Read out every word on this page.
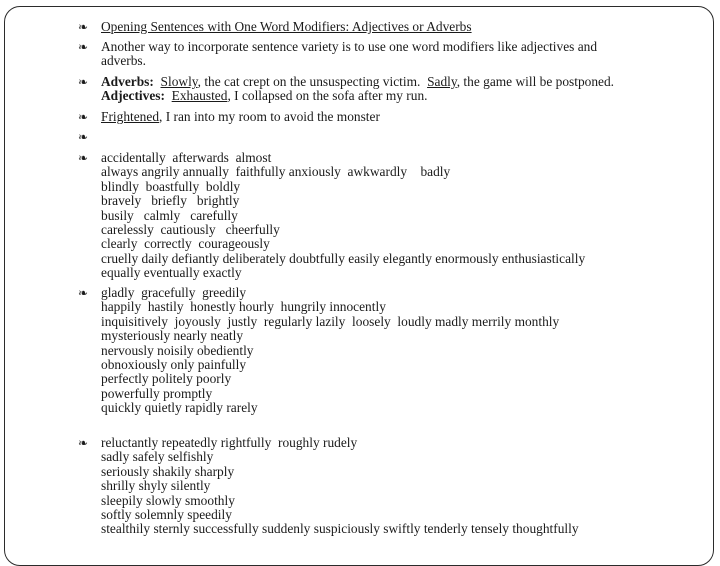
❧ Opening Sentences with One Word Modifiers: Adjectives or Adverbs
❧ Another way to incorporate sentence variety is to use one word modifiers like adjectives and
adverbs.
❧ Adverbs: Slowly, the cat crept on the unsuspecting victim.  Sadly, the game will be postponed.
Adjectives: Exhausted, I collapsed on the sofa after my run.
❧ Frightened, I ran into my room to avoid the monster
❧
❧ accidentally  afterwards  almost
always angrily annually  faithfully anxiously  awkwardly    badly
blindly  boastfully  boldly
bravely   briefly   brightly
busily   calmly   carefully
carelessly  cautiously   cheerfully
clearly  correctly  courageously
cruelly daily defiantly deliberately doubtfully easily elegantly enormously enthusiastically
equally eventually exactly
❧ gladly  gracefully  greedily
happily  hastily  honestly hourly  hungrily innocently
inquisitively  joyously  justly  regularly lazily  loosely  loudly madly merrily monthly
mysteriously nearly neatly
nervously noisily obediently
obnoxiously only painfully
perfectly politely poorly
powerfully promptly
quickly quietly rapidly rarely
❧ reluctantly repeatedly rightfully  roughly rudely
sadly safely selfishly
seriously shakily sharply
shrilly shyly silently
sleepily slowly smoothly
softly solemnly speedily
stealthily sternly successfully suddenly suspiciously swiftly tenderly tensely thoughtfully
